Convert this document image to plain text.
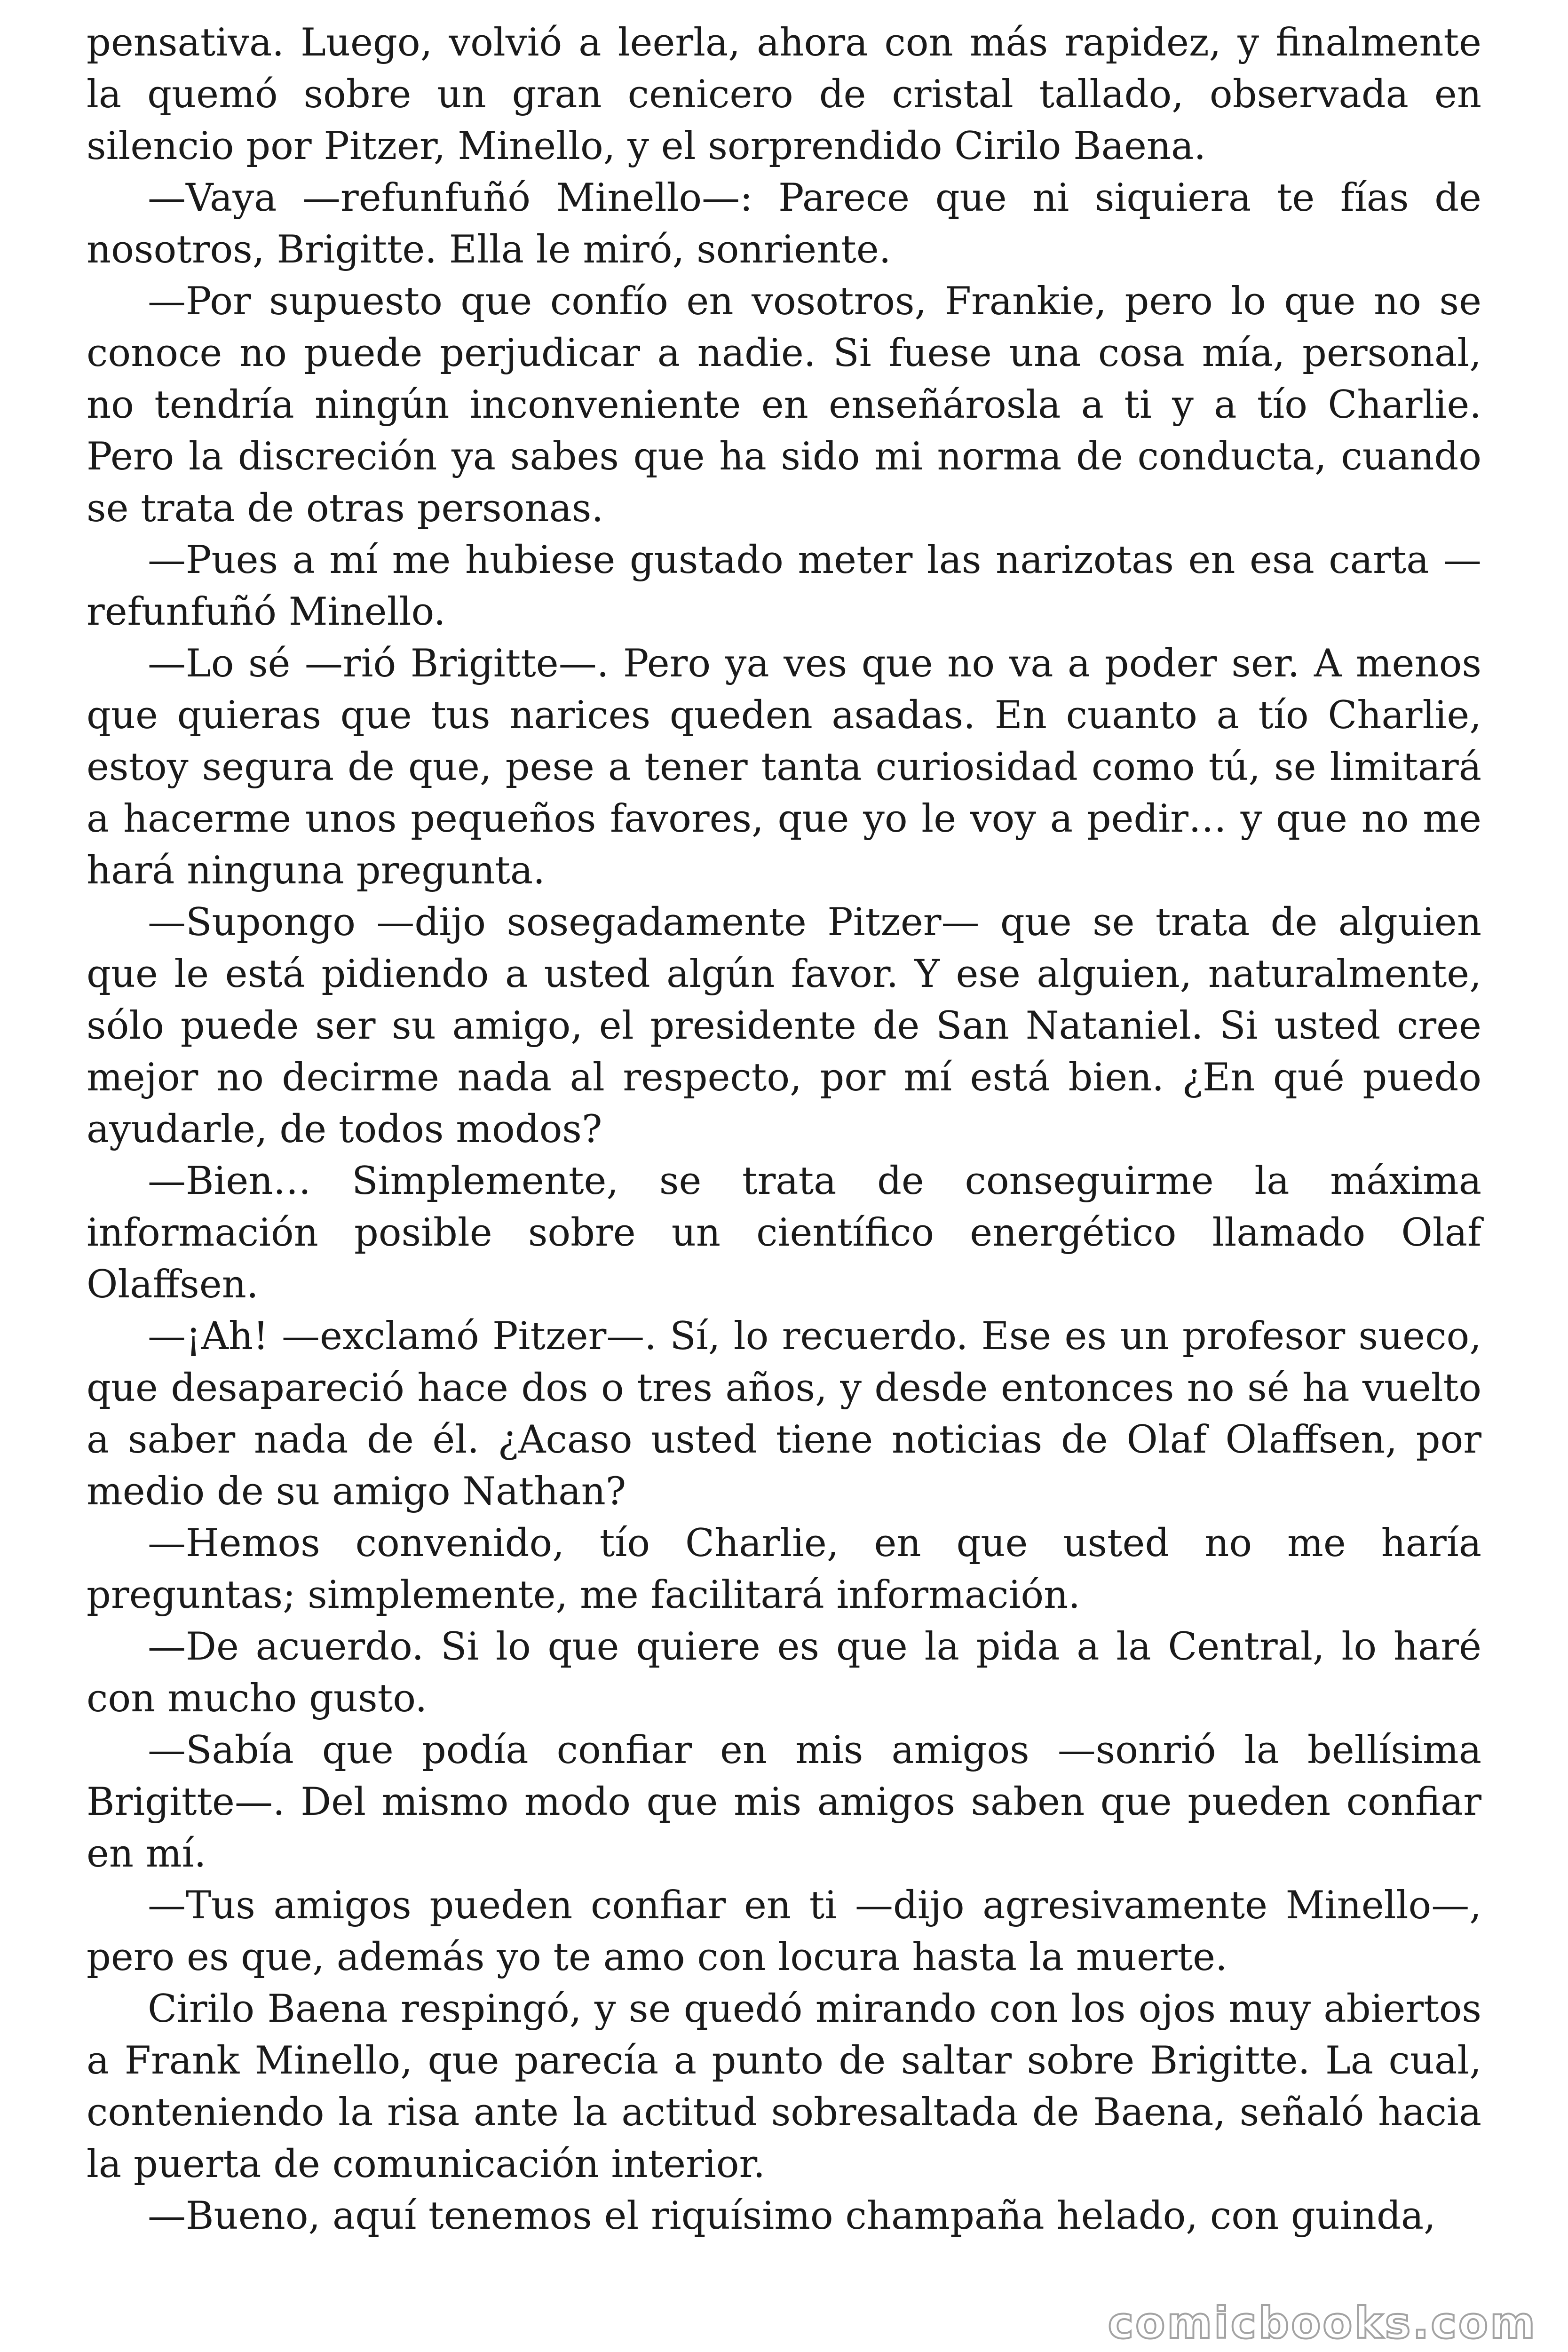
pensativa. Luego, volvió a leerla, ahora con más rapidez, y finalmente la quemó sobre un gran cenicero de cristal tallado, observada en silencio por Pitzer, Minello, y el sorprendido Cirilo Baena.

—Vaya —refunfuñó Minello—: Parece que ni siquiera te fías de nosotros, Brigitte. Ella le miró, sonriente.

—Por supuesto que confío en vosotros, Frankie, pero lo que no se conoce no puede perjudicar a nadie. Si fuese una cosa mía, personal, no tendría ningún inconveniente en enseñárosla a ti y a tío Charlie. Pero la discreción ya sabes que ha sido mi norma de conducta, cuando se trata de otras personas.

—Pues a mí me hubiese gustado meter las narizotas en esa carta — refunfuñó Minello.

—Lo sé —rió Brigitte—. Pero ya ves que no va a poder ser. A menos que quieras que tus narices queden asadas. En cuanto a tío Charlie, estoy segura de que, pese a tener tanta curiosidad como tú, se limitará a hacerme unos pequeños favores, que yo le voy a pedir… y que no me hará ninguna pregunta.

—Supongo —dijo sosegadamente Pitzer— que se trata de alguien que le está pidiendo a usted algún favor. Y ese alguien, naturalmente, sólo puede ser su amigo, el presidente de San Nataniel. Si usted cree mejor no decirme nada al respecto, por mí está bien. ¿En qué puedo ayudarle, de todos modos?

—Bien… Simplemente, se trata de conseguirme la máxima información posible sobre un científico energético llamado Olaf Olaffsen.

—¡Ah! —exclamó Pitzer—. Sí, lo recuerdo. Ese es un profesor sueco, que desapareció hace dos o tres años, y desde entonces no sé ha vuelto a saber nada de él. ¿Acaso usted tiene noticias de Olaf Olaffsen, por medio de su amigo Nathan?

—Hemos convenido, tío Charlie, en que usted no me haría preguntas; simplemente, me facilitará información.

—De acuerdo. Si lo que quiere es que la pida a la Central, lo haré con mucho gusto.

—Sabía que podía confiar en mis amigos —sonrió la bellísima Brigitte—. Del mismo modo que mis amigos saben que pueden confiar en mí.

—Tus amigos pueden confiar en ti —dijo agresivamente Minello—, pero es que, además yo te amo con locura hasta la muerte.

Cirilo Baena respingó, y se quedó mirando con los ojos muy abiertos a Frank Minello, que parecía a punto de saltar sobre Brigitte. La cual, conteniendo la risa ante la actitud sobresaltada de Baena, señaló hacia la puerta de comunicación interior.

—Bueno, aquí tenemos el riquísimo champaña helado, con guinda,

comicbooks.com
